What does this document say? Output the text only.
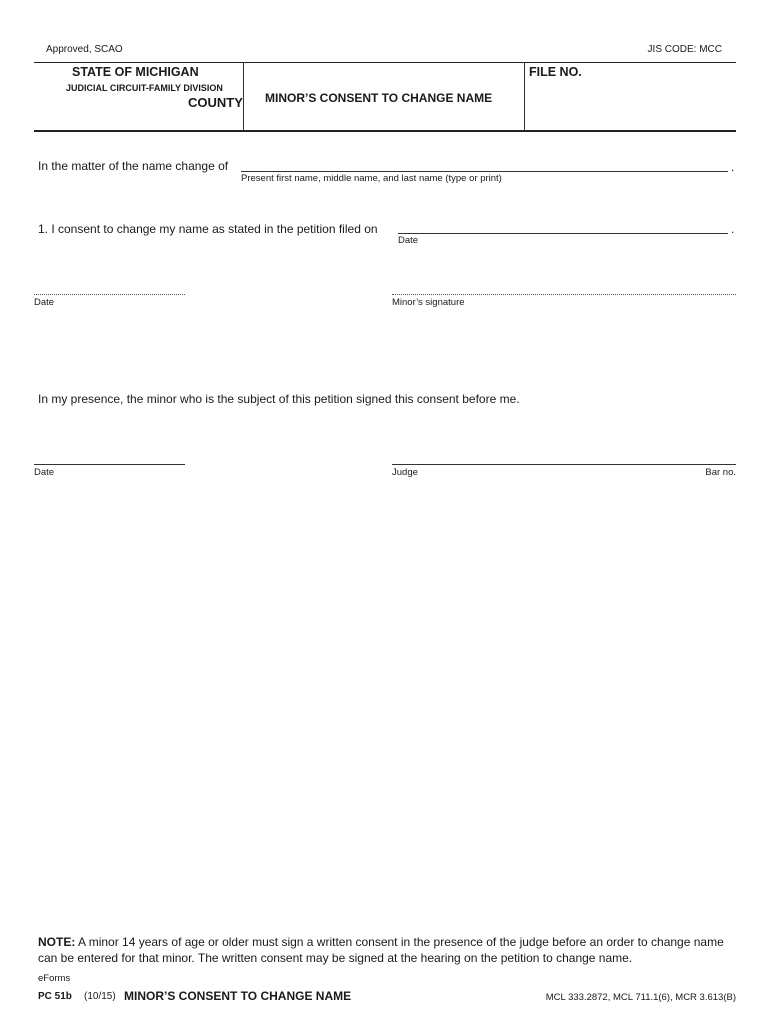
Approved, SCAO	JIS CODE: MCC
STATE OF MICHIGAN
JUDICIAL CIRCUIT-FAMILY DIVISION
COUNTY MINOR’S CONSENT TO CHANGE NAME
FILE NO.
In the matter of the name change of	.
Present first name, middle name, and last name (type or print)
1. I consent to change my name as stated in the petition filed on	.
Date
Date	Minor’s signature
In my presence, the minor who is the subject of this petition signed this consent before me.
Date	Judge	Bar no.
NOTE: A minor 14 years of age or older must sign a written consent in the presence of the judge before an order to change name can be entered for that minor. The written consent may be signed at the hearing on the petition to change name.
eForms
PC 51b (10/15) MINOR’S CONSENT TO CHANGE NAME	MCL 333.2872, MCL 711.1(6), MCR 3.613(B)
